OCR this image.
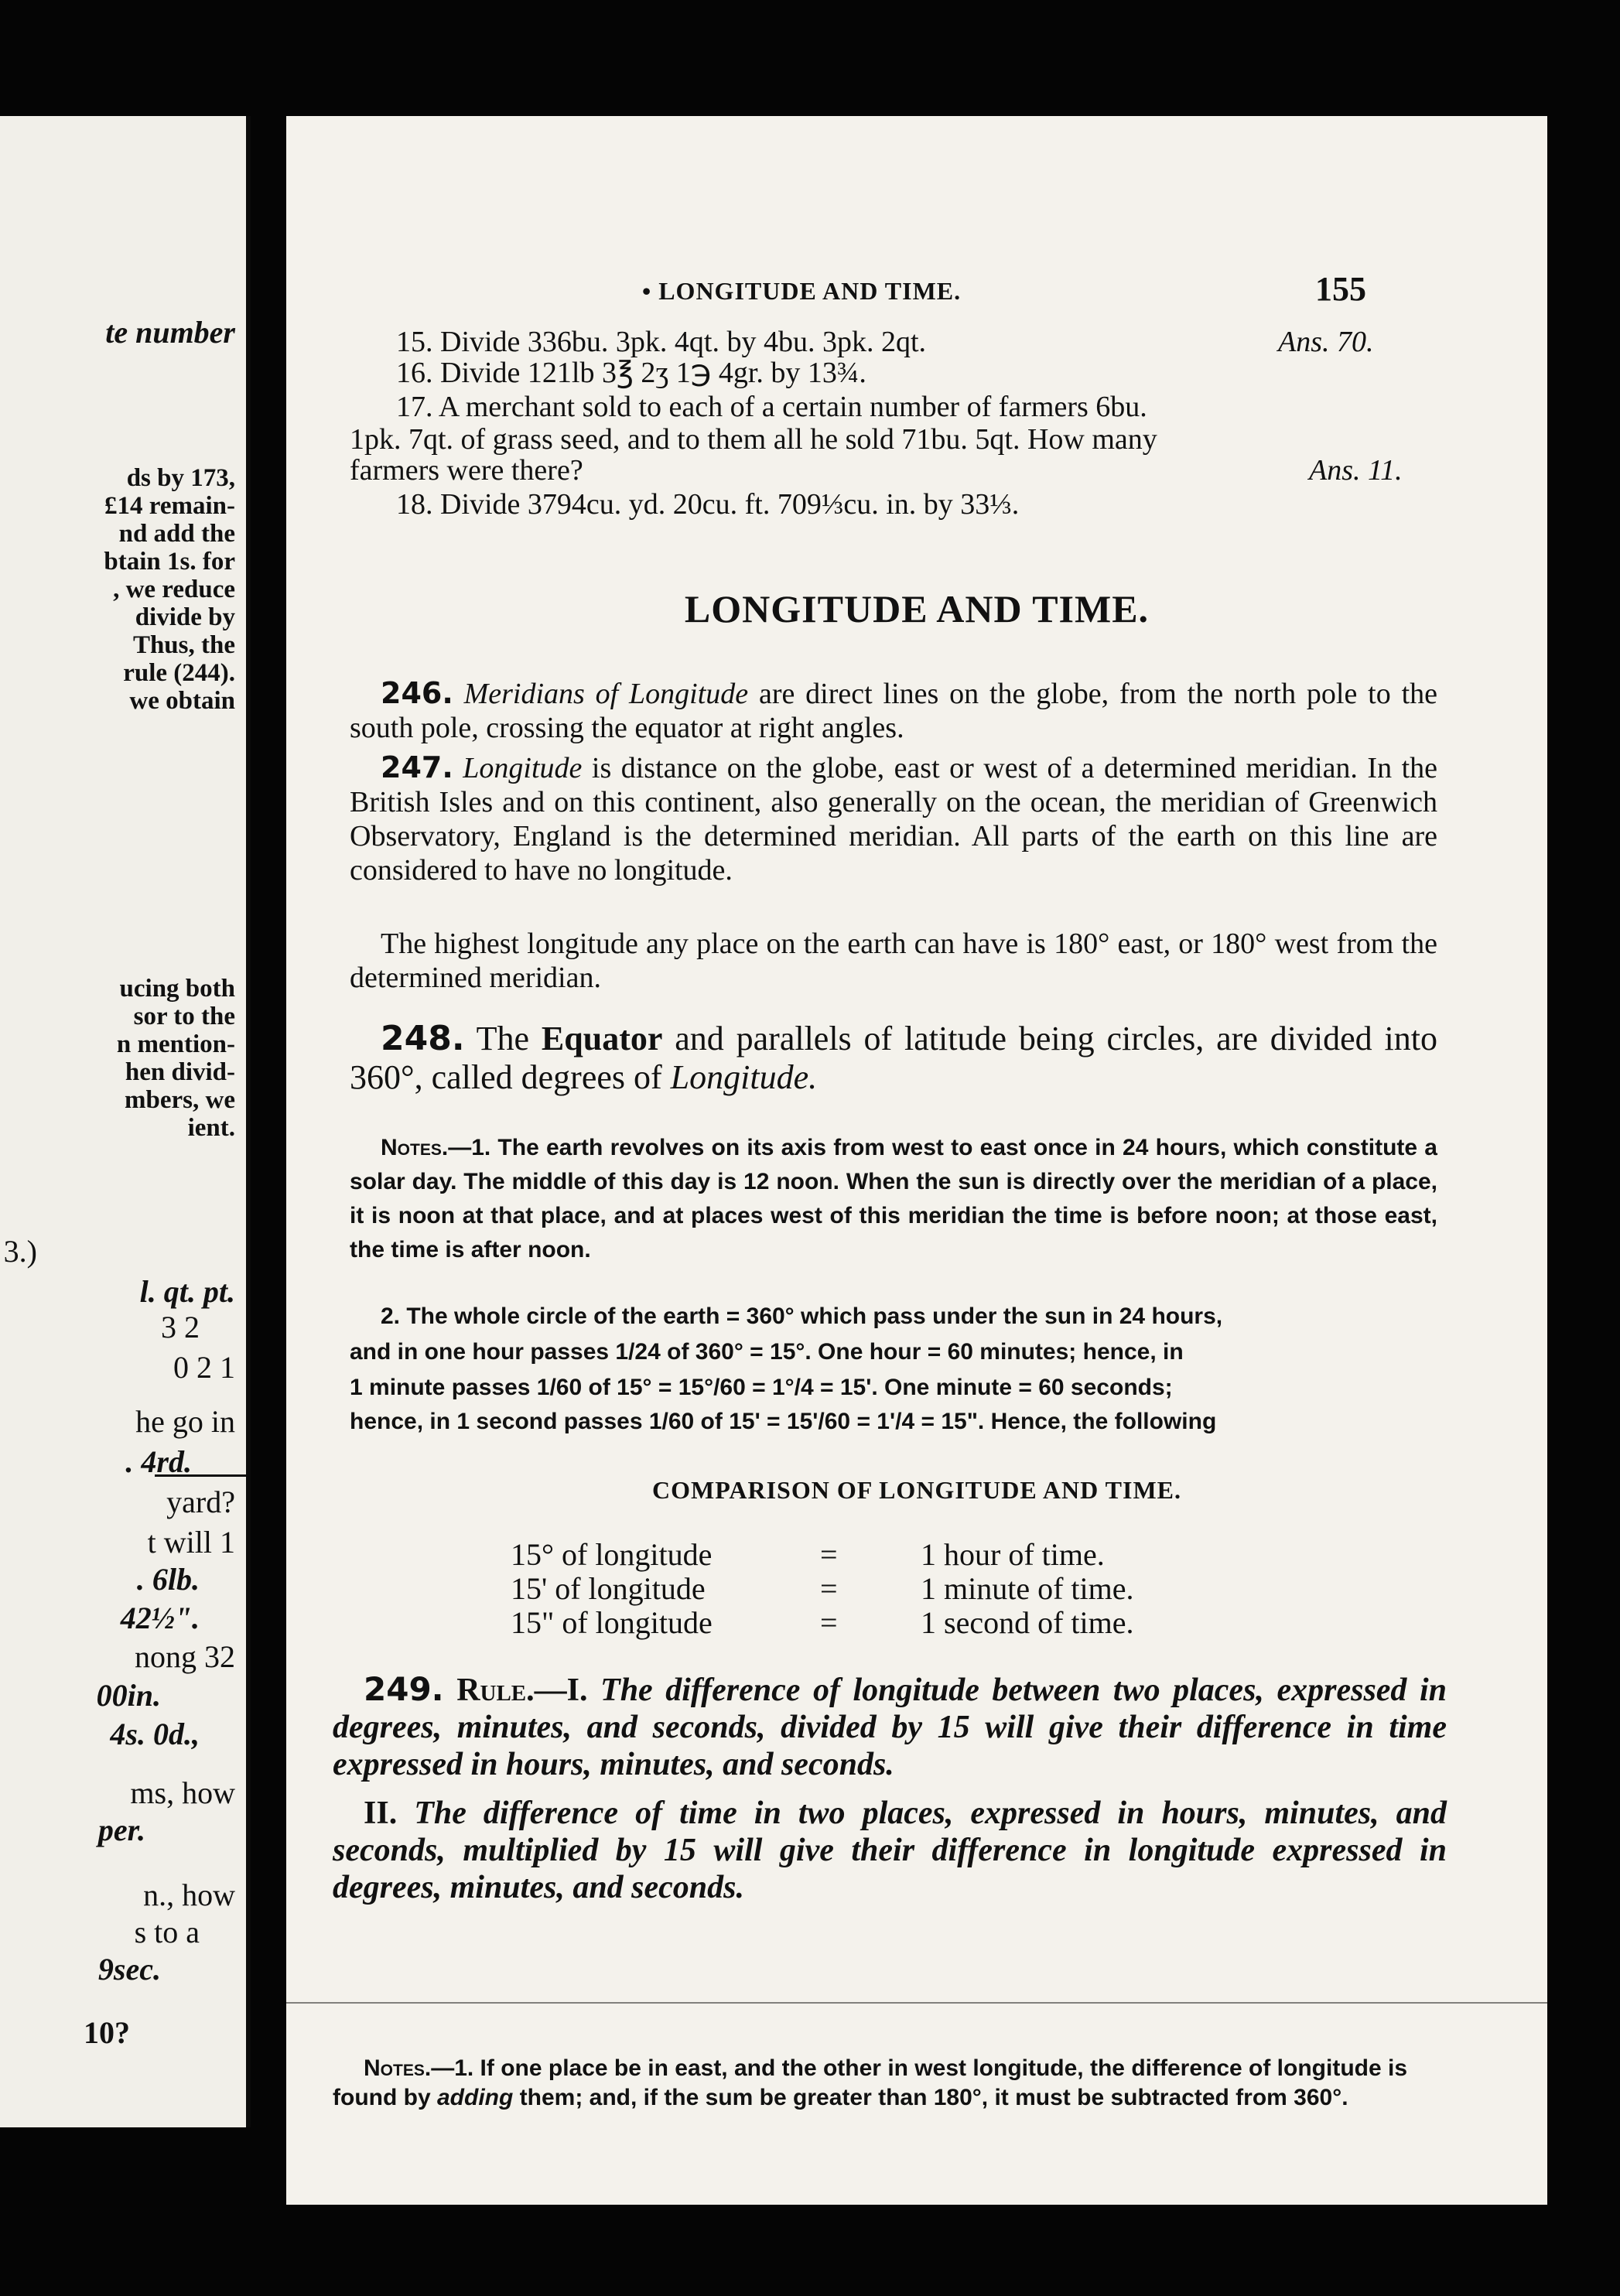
te number

ds by 173,

£14 remain-

nd add the

btain 1s. for

, we reduce

divide by

Thus, the

rule (244).

we obtain

ucing both

sor to the

n mention-

hen divid-

mbers, we

ient.

3.)

l. qt. pt.

3 2

0 2 1

he go in

. 4rd.

yard?

t will 1

. 6lb.

42½".

nong 32

00in.

4s. 0d.,

ms, how

per.

n., how

s to a

9sec.

10?

• LONGITUDE AND TIME.	155
15. Divide 336bu. 3pk. 4qt. by 4bu. 3pk. 2qt.	Ans. 70.
16. Divide 121lb 3℥ 2ʒ 1℈ 4gr. by 13¾.
17. A merchant sold to each of a certain number of farmers 6bu.
1pk. 7qt. of grass seed, and to them all he sold 71bu. 5qt. How many
farmers were there?	Ans. 11.
18. Divide 3794cu. yd. 20cu. ft. 709⅓cu. in. by 33⅓.
LONGITUDE AND TIME.

246. Meridians of Longitude are direct lines on the globe, from the north pole to the south pole, crossing the equator at right angles.

247. Longitude is distance on the globe, east or west of a determined meridian. In the British Isles and on this continent, also generally on the ocean, the meridian of Greenwich Observatory, England is the determined meridian. All parts of the earth on this line are considered to have no longitude.

The highest longitude any place on the earth can have is 180° east, or 180° west from the determined meridian.

248. The Equator and parallels of latitude being circles, are divided into 360°, called degrees of Longitude.

Notes.—1. The earth revolves on its axis from west to east once in 24 hours, which constitute a solar day. The middle of this day is 12 noon. When the sun is directly over the meridian of a place, it is noon at that place, and at places west of this meridian the time is before noon; at those east, the time is after noon.

2. The whole circle of the earth = 360° which pass under the sun in 24 hours,
and in one hour passes 1/24 of 360° = 15°. One hour = 60 minutes; hence, in
1 minute passes 1/60 of 15° = 15°/60 = 1°/4 = 15'. One minute = 60 seconds;
hence, in 1 second passes 1/60 of 15' = 15'/60 = 1'/4 = 15". Hence, the following
COMPARISON OF LONGITUDE AND TIME.
15° of longitude	=	1 hour of time.
15' of longitude	=	1 minute of time.
15" of longitude	=	1 second of time.

249. Rule.—I. The difference of longitude between two places, expressed in degrees, minutes, and seconds, divided by 15 will give their difference in time expressed in hours, minutes, and seconds.

II. The difference of time in two places, expressed in hours, minutes, and seconds, multiplied by 15 will give their difference in longitude expressed in degrees, minutes, and seconds.

Notes.—1. If one place be in east, and the other in west longitude, the difference of longitude is found by adding them; and, if the sum be greater than 180°, it must be subtracted from 360°.
